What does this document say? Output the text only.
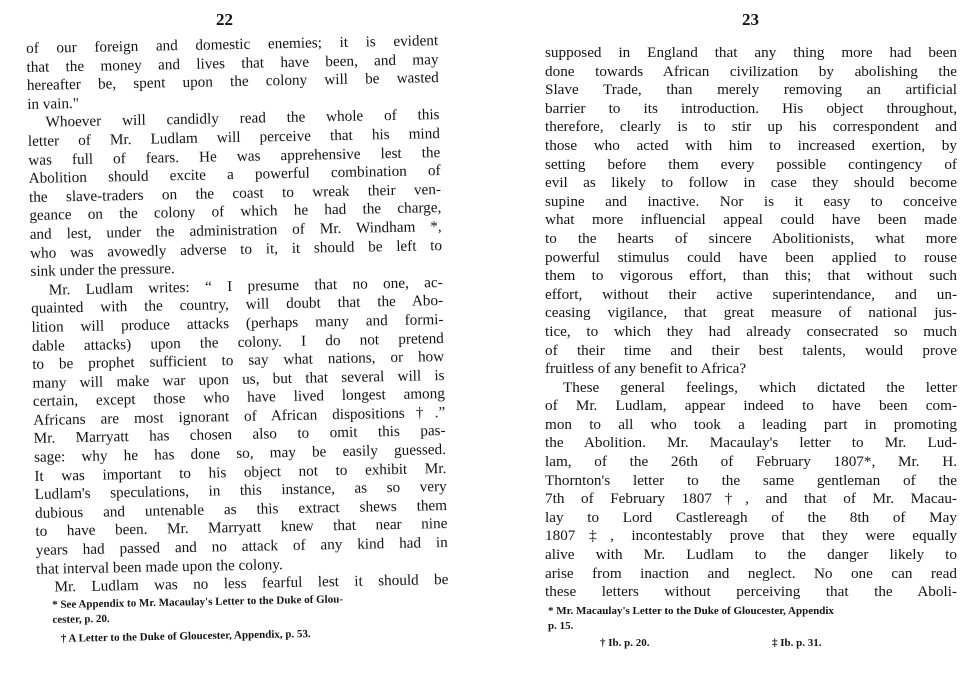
22
of our foreign and domestic enemies; it is evident
that the money and lives that have been, and may
hereafter be, spent upon the colony will be wasted
in vain."
Whoever will candidly read the whole of this
letter of Mr. Ludlam will perceive that his mind
was full of fears. He was apprehensive lest the
Abolition should excite a powerful combination of
the slave-traders on the coast to wreak their ven-
geance on the colony of which he had the charge,
and lest, under the administration of Mr. Windham *,
who was avowedly adverse to it, it should be left to
sink under the pressure.
Mr. Ludlam writes: “ I presume that no one, ac-
quainted with the country, will doubt that the Abo-
lition will produce attacks (perhaps many and formi-
dable attacks) upon the colony. I do not pretend
to be prophet sufficient to say what nations, or how
many will make war upon us, but that several will is
certain, except those who have lived longest among
Africans are most ignorant of African dispositions†.”
Mr. Marryatt has chosen also to omit this pas-
sage: why he has done so, may be easily guessed.
It was important to his object not to exhibit Mr.
Ludlam's speculations, in this instance, as so very
dubious and untenable as this extract shews them
to have been. Mr. Marryatt knew that near nine
years had passed and no attack of any kind had in
that interval been made upon the colony.
Mr. Ludlam was no less fearful lest it should be
* See Appendix to Mr. Macaulay's Letter to the Duke of Glou-
cester, p. 20.
† A Letter to the Duke of Gloucester, Appendix, p. 53.
23
supposed in England that any thing more had been
done towards African civilization by abolishing the
Slave Trade, than merely removing an artificial
barrier to its introduction. His object throughout,
therefore, clearly is to stir up his correspondent and
those who acted with him to increased exertion, by
setting before them every possible contingency of
evil as likely to follow in case they should become
supine and inactive. Nor is it easy to conceive
what more influencial appeal could have been made
to the hearts of sincere Abolitionists, what more
powerful stimulus could have been applied to rouse
them to vigorous effort, than this; that without such
effort, without their active superintendance, and un-
ceasing vigilance, that great measure of national jus-
tice, to which they had already consecrated so much
of their time and their best talents, would prove
fruitless of any benefit to Africa?
These general feelings, which dictated the letter
of Mr. Ludlam, appear indeed to have been com-
mon to all who took a leading part in promoting
the Abolition. Mr. Macaulay's letter to Mr. Lud-
lam, of the 26th of February 1807*, Mr. H.
Thornton's letter to the same gentleman of the
7th of February 1807†, and that of Mr. Macau-
lay to Lord Castlereagh of the 8th of May
1807‡, incontestably prove that they were equally
alive with Mr. Ludlam to the danger likely to
arise from inaction and neglect. No one can read
these letters without perceiving that the Aboli-
* Mr. Macaulay's Letter to the Duke of Gloucester, Appendix
p. 15.
† Ib. p. 20.	‡ Ib. p. 31.
